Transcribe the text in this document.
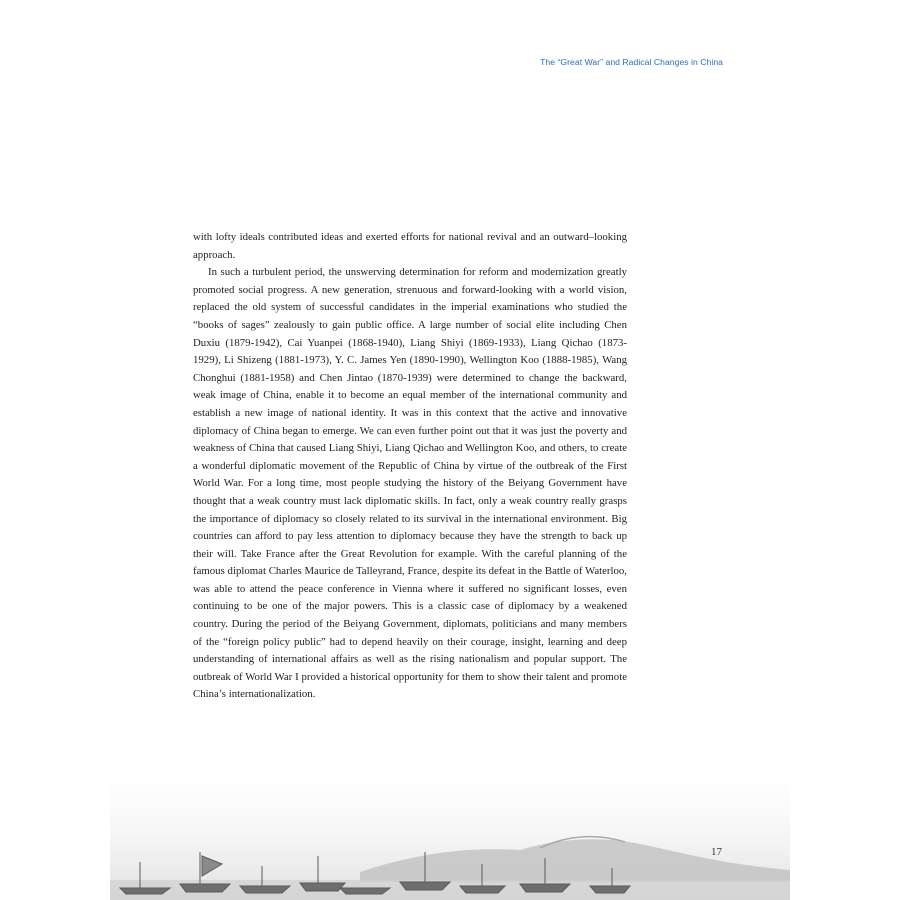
The “Great War” and Radical Changes in China

with lofty ideals contributed ideas and exerted efforts for national revival and an outward–looking approach.

In such a turbulent period, the unswerving determination for reform and modernization greatly promoted social progress. A new generation, strenuous and forward-looking with a world vision, replaced the old system of successful candidates in the imperial examinations who studied the “books of sages” zealously to gain public office. A large number of social elite including Chen Duxiu (1879-1942), Cai Yuanpei (1868-1940), Liang Shiyi (1869-1933), Liang Qichao (1873-1929), Li Shizeng (1881-1973), Y. C. James Yen (1890-1990), Wellington Koo (1888-1985), Wang Chonghui (1881-1958) and Chen Jintao (1870-1939) were determined to change the backward, weak image of China, enable it to become an equal member of the international community and establish a new image of national identity. It was in this context that the active and innovative diplomacy of China began to emerge. We can even further point out that it was just the poverty and weakness of China that caused Liang Shiyi, Liang Qichao and Wellington Koo, and others, to create a wonderful diplomatic movement of the Republic of China by virtue of the outbreak of the First World War. For a long time, most people studying the history of the Beiyang Government have thought that a weak country must lack diplomatic skills. In fact, only a weak country really grasps the importance of diplomacy so closely related to its survival in the international environment. Big countries can afford to pay less attention to diplomacy because they have the strength to back up their will. Take France after the Great Revolution for example. With the careful planning of the famous diplomat Charles Maurice de Talleyrand, France, despite its defeat in the Battle of Waterloo, was able to attend the peace conference in Vienna where it suffered no significant losses, even continuing to be one of the major powers. This is a classic case of diplomacy by a weakened country. During the period of the Beiyang Government, diplomats, politicians and many members of the “foreign policy public” had to depend heavily on their courage, insight, learning and deep understanding of international affairs as well as the rising nationalism and popular support. The outbreak of World War I provided a historical opportunity for them to show their talent and promote China’s internationalization.

17
